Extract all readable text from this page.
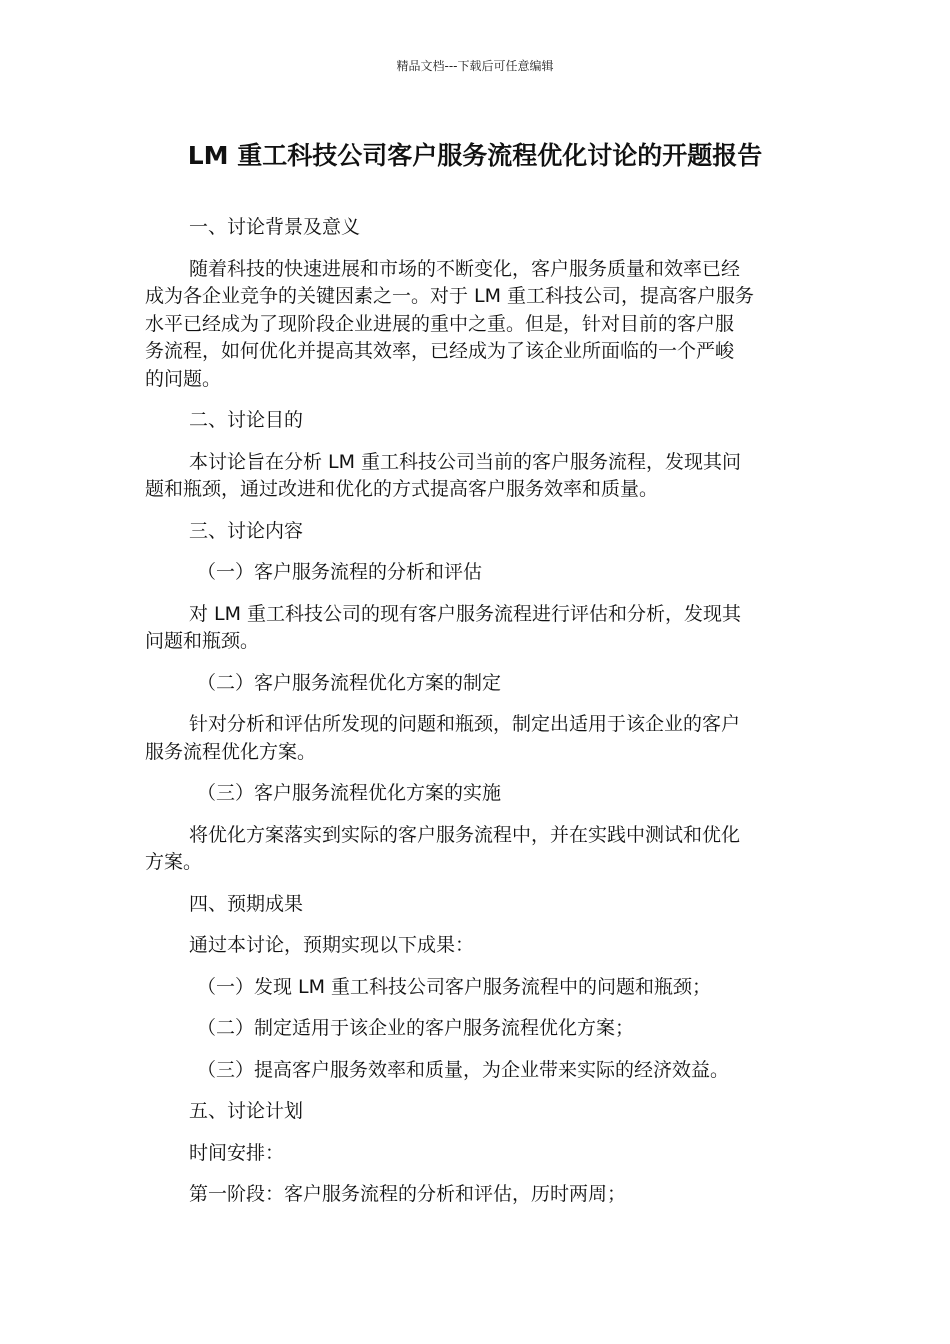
精品文档---下载后可任意编辑
LM 重工科技公司客户服务流程优化讨论的开题报告

一、讨论背景及意义

随着科技的快速进展和市场的不断变化，客户服务质量和效率已经

成为各企业竞争的关键因素之一。对于 LM 重工科技公司，提高客户服务

水平已经成为了现阶段企业进展的重中之重。但是，针对目前的客户服

务流程，如何优化并提高其效率，已经成为了该企业所面临的一个严峻

的问题。

二、讨论目的

本讨论旨在分析 LM 重工科技公司当前的客户服务流程，发现其问

题和瓶颈，通过改进和优化的方式提高客户服务效率和质量。

三、讨论内容

（一）客户服务流程的分析和评估

对 LM 重工科技公司的现有客户服务流程进行评估和分析，发现其

问题和瓶颈。

（二）客户服务流程优化方案的制定

针对分析和评估所发现的问题和瓶颈，制定出适用于该企业的客户

服务流程优化方案。

（三）客户服务流程优化方案的实施

将优化方案落实到实际的客户服务流程中，并在实践中测试和优化

方案。

四、预期成果

通过本讨论，预期实现以下成果：

（一）发现 LM 重工科技公司客户服务流程中的问题和瓶颈；

（二）制定适用于该企业的客户服务流程优化方案；

（三）提高客户服务效率和质量，为企业带来实际的经济效益。

五、讨论计划

时间安排：

第一阶段：客户服务流程的分析和评估，历时两周；
